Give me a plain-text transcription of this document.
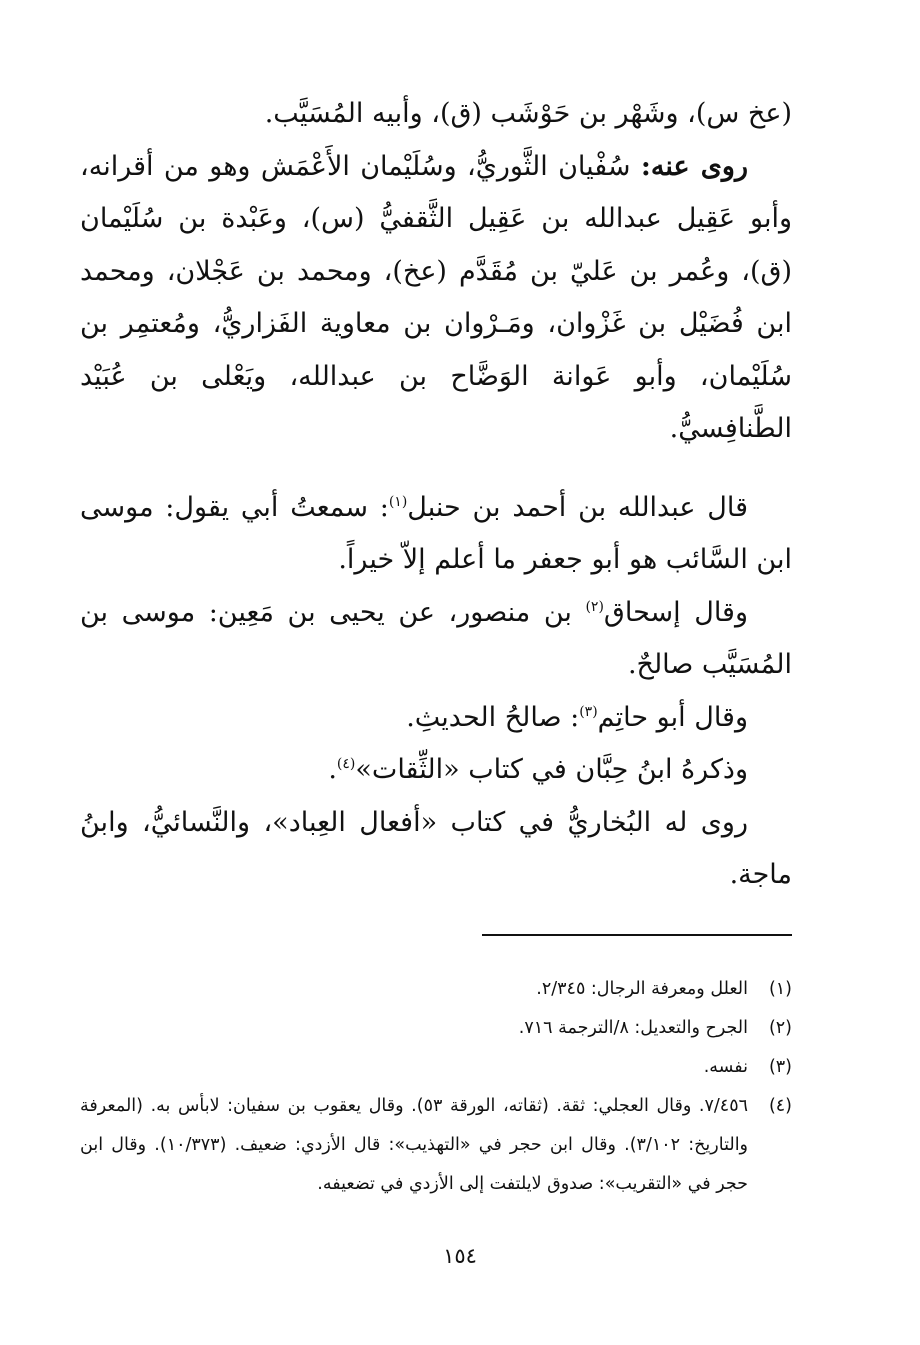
(عخ س)، وشَهْر بن حَوْشَب (ق)، وأبيه المُسَيَّب.

روى عنه: سُفْيان الثَّوريُّ، وسُلَيْمان الأَعْمَش وهو من أقرانه، وأبو عَقِيل عبدالله بن عَقِيل الثَّقفيُّ (س)، وعَبْدة بن سُلَيْمان (ق)، وعُمر بن عَليّ بن مُقَدَّم (عخ)، ومحمد بن عَجْلان، ومحمد ابن فُضَيْل بن غَزْوان، ومَـرْوان بن معاوية الفَزاريُّ، ومُعتمِر بن سُلَيْمان، وأبو عَوانة الوَضَّاح بن عبدالله، ويَعْلى بن عُبَيْد الطَّنافِسيُّ.

قال عبدالله بن أحمد بن حنبل$^{(١)}$: سمعتُ أبي يقول: موسى ابن السَّائب هو أبو جعفر ما أعلم إلاّ خيراً.

وقال إسحاق$^{(٢)}$ بن منصور، عن يحيى بن مَعِين: موسى بن المُسَيَّب صالحٌ.

وقال أبو حاتِم$^{(٣)}$: صالحُ الحديثِ.

وذكرهُ ابنُ حِبَّان في كتاب «الثِّقات»$^{(٤)}$.

روى له البُخاريُّ في كتاب «أفعال العِباد»، والنَّسائيُّ، وابنُ ماجة.

(١)
العلل ومعرفة الرجال: ٢/٣٤٥.
(٢)
الجرح والتعديل: ٨/الترجمة ٧١٦.
(٣)
نفسه.
(٤)
٧/٤٥٦. وقال العجلي: ثقة. (ثقاته، الورقة ٥٣). وقال يعقوب بن سفيان: لابأس به. (المعرفة والتاريخ: ٣/١٠٢). وقال ابن حجر في «التهذيب»: قال الأزدي: ضعيف. (١٠/٣٧٣). وقال ابن حجر في «التقريب»: صدوق لايلتفت إلى الأزدي في تضعيفه.
١٥٤
